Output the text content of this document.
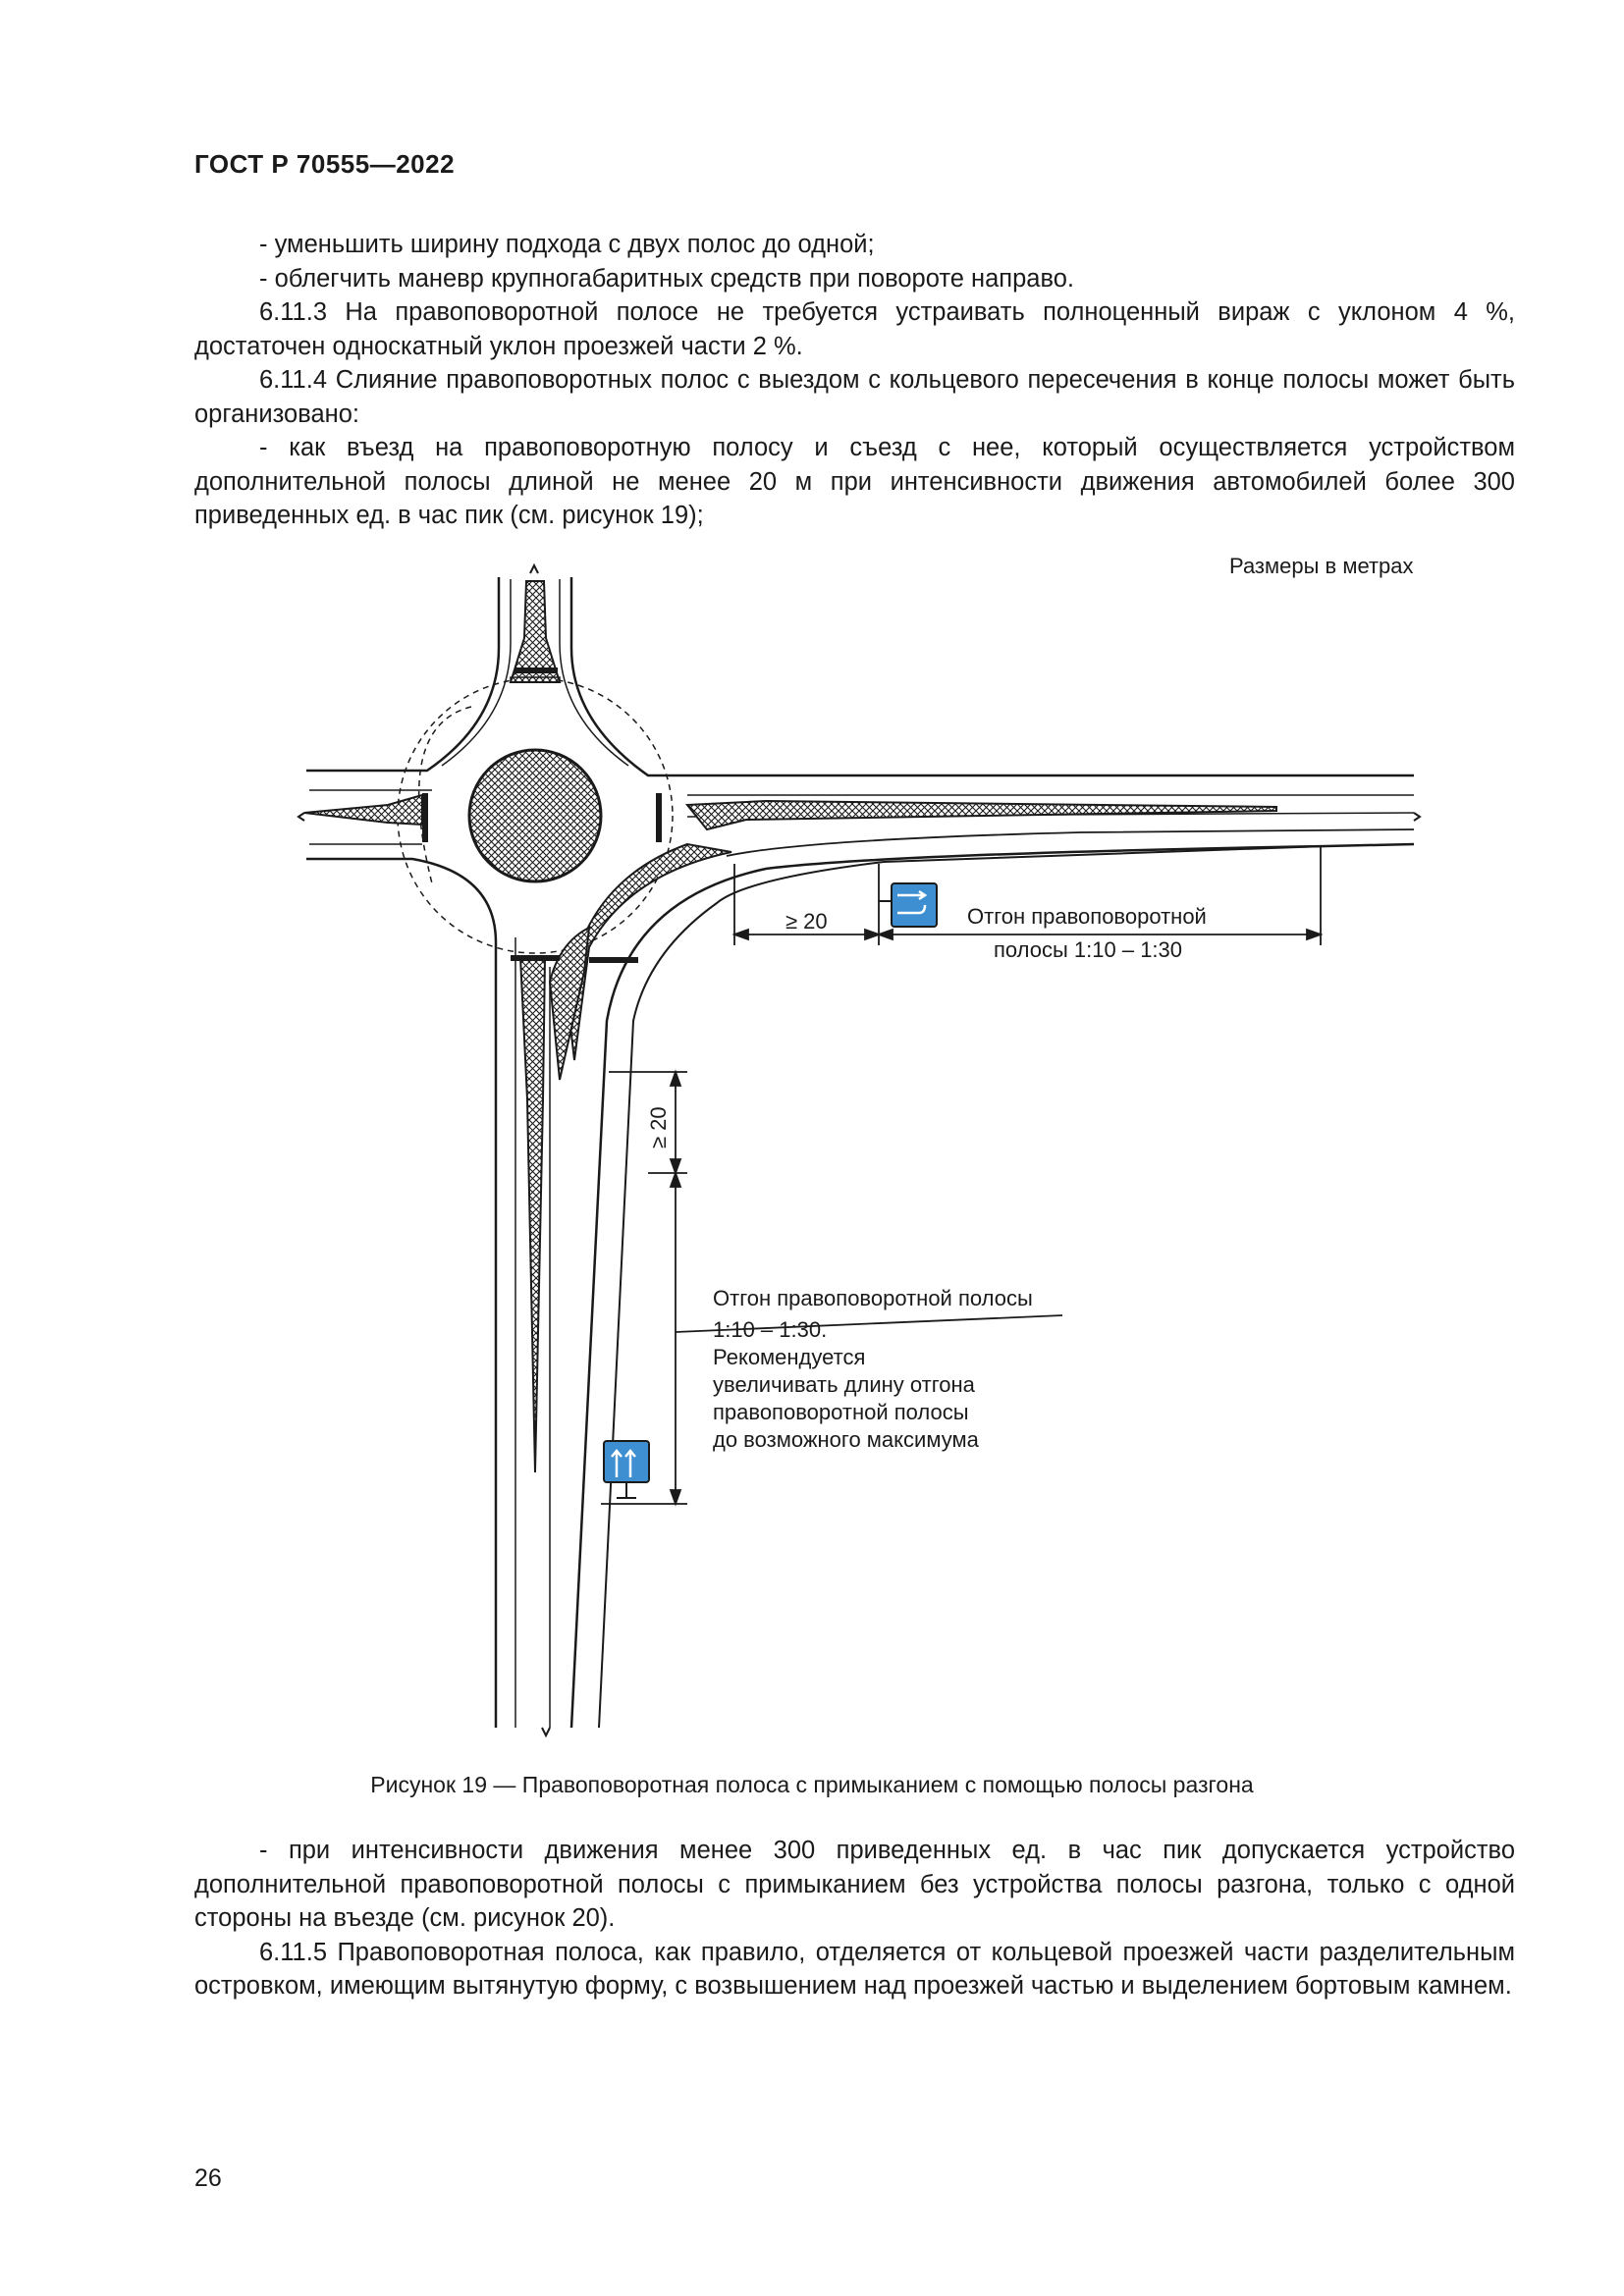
ГОСТ Р 70555—2022

- уменьшить ширину подхода с двух полос до одной;

- облегчить маневр крупногабаритных средств при повороте направо.

6.11.3 На правоповоротной полосе не требуется устраивать полноценный вираж с уклоном 4 %, достаточен односкатный уклон проезжей части 2 %.

6.11.4 Слияние правоповоротных полос с выездом с кольцевого пересечения в конце полосы может быть организовано:

- как въезд на правоповоротную полосу и съезд с нее, который осуществляется устройством дополнительной полосы длиной не менее 20 м при интенсивности движения автомобилей более 300 приведенных ед. в час пик (см. рисунок 19);

Размеры в метрах
≥ 20	Отгон правоповоротной
полосы 1:10 – 1:30
≥ 20
Отгон правоповоротной полосы
1:10 – 1:30.
Рекомендуется
увеличивать длину отгона
правоповоротной полосы
до возможного максимума
Рисунок 19 — Правоповоротная полоса с примыканием с помощью полосы разгона

- при интенсивности движения менее 300 приведенных ед. в час пик допускается устройство дополнительной правоповоротной полосы с примыканием без устройства полосы разгона, только с одной стороны на въезде (см. рисунок 20).

6.11.5 Правоповоротная полоса, как правило, отделяется от кольцевой проезжей части разделительным островком, имеющим вытянутую форму, с возвышением над проезжей частью и выделением бортовым камнем.

26
